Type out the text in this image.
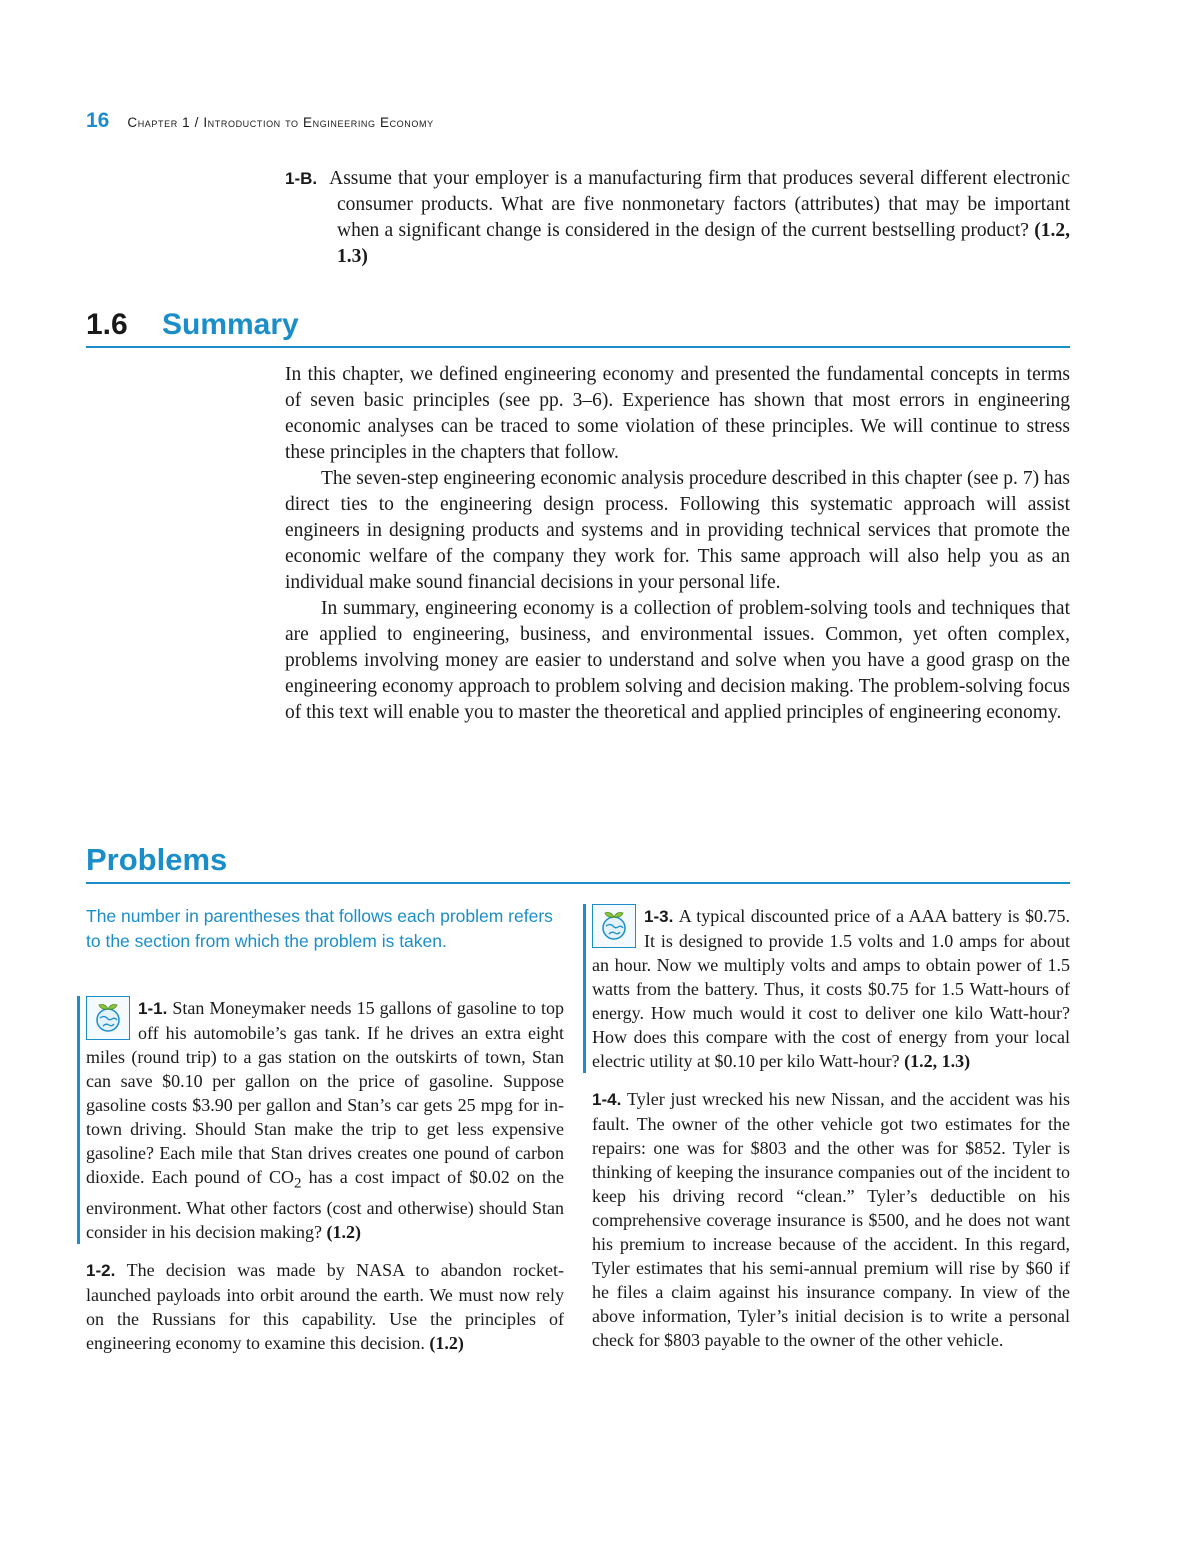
16 Chapter 1 / Introduction to Engineering Economy
1-B. Assume that your employer is a manufacturing firm that produces several different electronic consumer products. What are five nonmonetary factors (attributes) that may be important when a significant change is considered in the design of the current bestselling product? (1.2, 1.3)
1.6 Summary

In this chapter, we defined engineering economy and presented the fundamental concepts in terms of seven basic principles (see pp. 3–6). Experience has shown that most errors in engineering economic analyses can be traced to some violation of these principles. We will continue to stress these principles in the chapters that follow.

The seven-step engineering economic analysis procedure described in this chapter (see p. 7) has direct ties to the engineering design process. Following this systematic approach will assist engineers in designing products and systems and in providing technical services that promote the economic welfare of the company they work for. This same approach will also help you as an individual make sound financial decisions in your personal life.

In summary, engineering economy is a collection of problem-solving tools and techniques that are applied to engineering, business, and environmental issues. Common, yet often complex, problems involving money are easier to understand and solve when you have a good grasp on the engineering economy approach to problem solving and decision making. The problem-solving focus of this text will enable you to master the theoretical and applied principles of engineering economy.

Problems
The number in parentheses that follows each problem refers to the section from which the problem is taken.
1-1. Stan Moneymaker needs 15 gallons of gasoline to top off his automobile’s gas tank. If he drives an extra eight miles (round trip) to a gas station on the outskirts of town, Stan can save $0.10 per gallon on the price of gasoline. Suppose gasoline costs $3.90 per gallon and Stan’s car gets 25 mpg for in-town driving. Should Stan make the trip to get less expensive gasoline? Each mile that Stan drives creates one pound of carbon dioxide. Each pound of $CO_2$ has a cost impact of $0.02 on the environment. What other factors (cost and otherwise) should Stan consider in his decision making? (1.2)
1-2. The decision was made by NASA to abandon rocket-launched payloads into orbit around the earth. We must now rely on the Russians for this capability. Use the principles of engineering economy to examine this decision. (1.2)
1-3. A typical discounted price of a AAA battery is $0.75. It is designed to provide 1.5 volts and 1.0 amps for about an hour. Now we multiply volts and amps to obtain power of 1.5 watts from the battery. Thus, it costs $0.75 for 1.5 Watt-hours of energy. How much would it cost to deliver one kilo Watt-hour? How does this compare with the cost of energy from your local electric utility at $0.10 per kilo Watt-hour? (1.2, 1.3)
1-4. Tyler just wrecked his new Nissan, and the accident was his fault. The owner of the other vehicle got two estimates for the repairs: one was for $803 and the other was for $852. Tyler is thinking of keeping the insurance companies out of the incident to keep his driving record “clean.” Tyler’s deductible on his comprehensive coverage insurance is $500, and he does not want his premium to increase because of the accident. In this regard, Tyler estimates that his semi-annual premium will rise by $60 if he files a claim against his insurance company. In view of the above information, Tyler’s initial decision is to write a personal check for $803 payable to the owner of the other vehicle.
